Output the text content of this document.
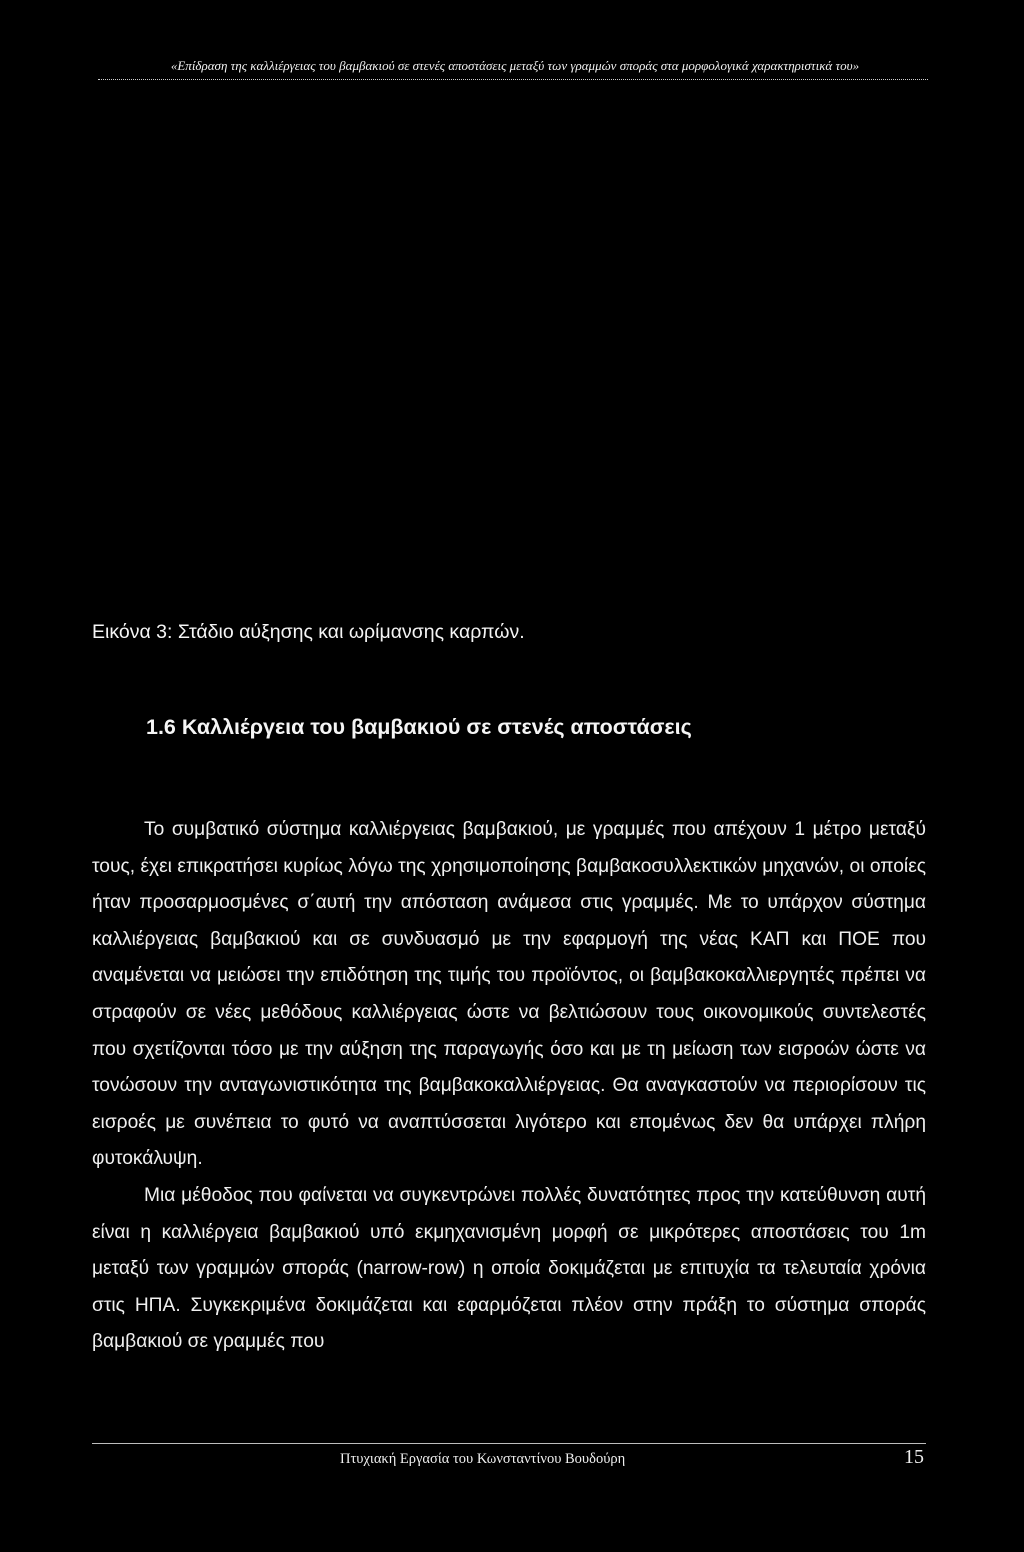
«Επίδραση της καλλιέργειας του βαμβακιού σε στενές αποστάσεις μεταξύ των γραμμών σποράς στα μορφολογικά χαρακτηριστικά του»
Εικόνα 3: Στάδιο αύξησης και ωρίμανσης καρπών.
1.6 Καλλιέργεια του βαμβακιού σε στενές αποστάσεις

Το συμβατικό σύστημα καλλιέργειας βαμβακιού, με γραμμές που απέχουν 1 μέτρο μεταξύ τους, έχει επικρατήσει κυρίως λόγω της χρησιμοποίησης βαμβακοσυλλεκτικών μηχανών, οι οποίες ήταν προσαρμοσμένες σ΄αυτή την απόσταση ανάμεσα στις γραμμές. Με το υπάρχον σύστημα καλλιέργειας βαμβακιού και σε συνδυασμό με την εφαρμογή της νέας ΚΑΠ και ΠΟΕ που αναμένεται να μειώσει την επιδότηση της τιμής του προϊόντος, οι βαμβακοκαλλιεργητές πρέπει να στραφούν σε νέες μεθόδους καλλιέργειας ώστε να βελτιώσουν τους οικονομικούς συντελεστές που σχετίζονται τόσο με την αύξηση της παραγωγής όσο και με τη μείωση των εισροών ώστε να τονώσουν την ανταγωνιστικότητα της βαμβακοκαλλιέργειας. Θα αναγκαστούν να περιορίσουν τις εισροές με συνέπεια το φυτό να αναπτύσσεται λιγότερο και επομένως δεν θα υπάρχει πλήρη φυτοκάλυψη.

Μια μέθοδος που φαίνεται να συγκεντρώνει πολλές δυνατότητες προς την κατεύθυνση αυτή είναι η καλλιέργεια βαμβακιού υπό εκμηχανισμένη μορφή σε μικρότερες αποστάσεις του 1m μεταξύ των γραμμών σποράς (narrow-row) η οποία δοκιμάζεται με επιτυχία τα τελευταία χρόνια στις ΗΠΑ. Συγκεκριμένα δοκιμάζεται και εφαρμόζεται πλέον στην πράξη το σύστημα σποράς βαμβακιού σε γραμμές που

Πτυχιακή Εργασία του Κωνσταντίνου Βουδούρη	15
